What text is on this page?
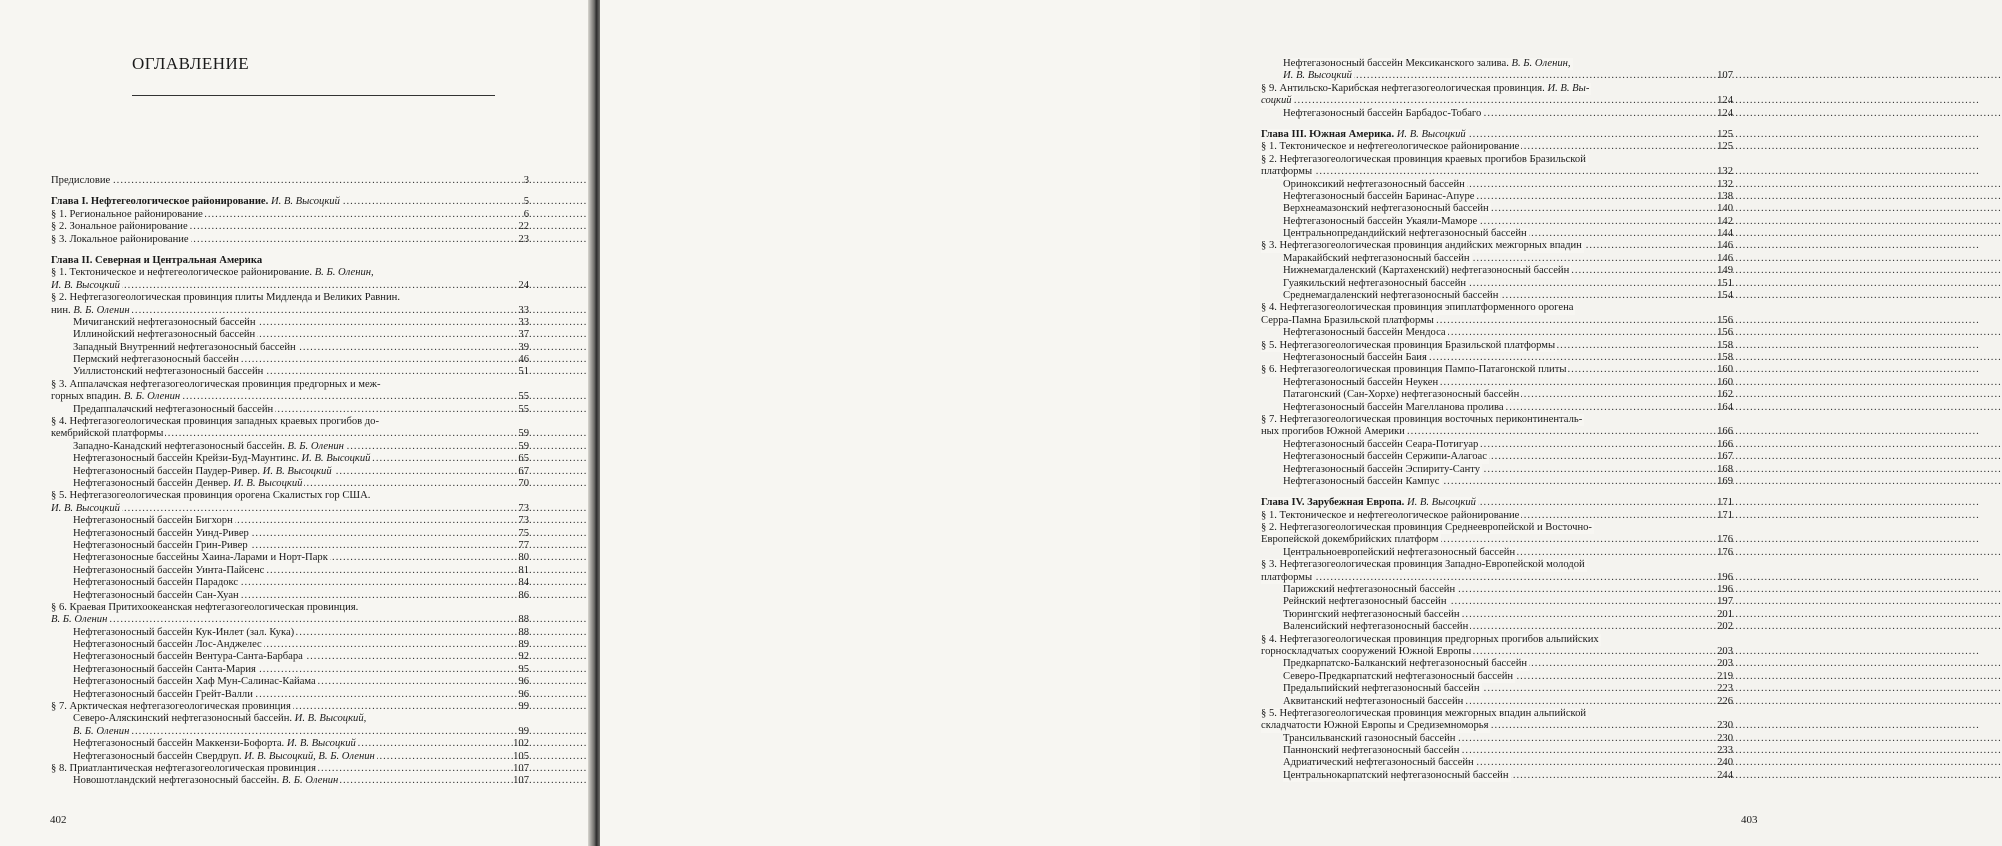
ОГЛАВЛЕНИЕ
.....
Предисловие	3
.....
Глава I. Нефтегеологическое районирование. И. В. Высоцкий	5
.....
§ 1. Региональное районирование	6
.....
§ 2. Зональное районирование	22
.....
§ 3. Локальное районирование	23
Глава II. Северная и Центральная Америка
§ 1. Тектоническое и нефтегеологическое районирование. В. Б. Оленин,
.....
И. В. Высоцкий	24
§ 2. Нефтегазогеологическая провинция плиты Мидленда и Великих Равнин.
.....
нин. В. Б. Оленин	33
.....
Мичиганский нефтегазоносный бассейн	33
.....
Иллинойский нефтегазоносный бассейн	37
.....
Западный Внутренний нефтегазоносный бассейн	39
.....
Пермский нефтегазоносный бассейн	46
.....
Уиллистонский нефтегазоносный бассейн	51
§ 3. Аппалачская нефтегазогеологическая провинция предгорных и меж-
.....
горных впадин. В. Б. Оленин	55
.....
Предаппалачский нефтегазоносный бассейн	55
§ 4. Нефтегазогеологическая провинция западных краевых прогибов до-
.....
кембрийской платформы	59
.....
Западно-Канадский нефтегазоносный бассейн. В. Б. Оленин	59
.....
Нефтегазоносный бассейн Крейзи-Буд-Маунтинс. И. В. Высоцкий	65
.....
Нефтегазоносный бассейн Паудер-Ривер. И. В. Высоцкий	67
.....
Нефтегазоносный бассейн Денвер. И. В. Высоцкий	70
§ 5. Нефтегазогеологическая провинция орогена Скалистых гор США.
.....
И. В. Высоцкий	73
.....
Нефтегазоносный бассейн Бигхорн	73
.....
Нефтегазоносный бассейн Уинд-Ривер	75
.....
Нефтегазоносный бассейн Грин-Ривер	77
.....
Нефтегазоносные бассейны Хаина-Ларами и Норт-Парк	80
.....
Нефтегазоносный бассейн Уинта-Пайсенс	81
.....
Нефтегазоносный бассейн Парадокс	84
.....
Нефтегазоносный бассейн Сан-Хуан	86
§ 6. Краевая Притихоокеанская нефтегазогеологическая провинция.
.....
В. Б. Оленин	88
.....
Нефтегазоносный бассейн Кук-Инлет (зал. Кука)	88
.....
Нефтегазоносный бассейн Лос-Анджелес	89
.....
Нефтегазоносный бассейн Вентура-Санта-Барбара	92
.....
Нефтегазоносный бассейн Санта-Мария	95
.....
Нефтегазоносный бассейн Хаф Мун-Салинас-Кайама	96
.....
Нефтегазоносный бассейн Грейт-Валли	96
.....
§ 7. Арктическая нефтегазогеологическая провинция	99
Северо-Аляскинский нефтегазоносный бассейн. И. В. Высоцкий,
.....
В. Б. Оленин	99
.....
Нефтегазоносный бассейн Маккензи-Бофорта. И. В. Высоцкий	102
.....
Нефтегазоносный бассейн Свердруп. И. В. Высоцкий, В. Б. Оленин	105
.....
§ 8. Приатлантическая нефтегазогеологическая провинция	107
.....
Новошотландский нефтегазоносный бассейн. В. Б. Оленин	107
402
Нефтегазоносный бассейн Мексиканского залива. В. Б. Оленин,
.....
И. В. Высоцкий	107
§ 9. Антильско-Карибская нефтегазогеологическая провинция. И. В. Вы-
.....
соцкий	124
.....
Нефтегазоносный бассейн Барбадос-Тобаго	124
.....
Глава III. Южная Америка. И. В. Высоцкий	125
.....
§ 1. Тектоническое и нефтегеологическое районирование	125
§ 2. Нефтегазогеологическая провинция краевых прогибов Бразильской
.....
платформы	132
.....
Ориноксикий нефтегазоносный бассейн	132
.....
Нефтегазоносный бассейн Баринас-Апуре	138
.....
Верхнеамазонский нефтегазоносный бассейн	140
.....
Нефтегазоносный бассейн Укаяли-Маморе	142
.....
Центральнопредандийский нефтегазоносный бассейн	144
.....
§ 3. Нефтегазогеологическая провинция андийских межгорных впадин	146
.....
Маракайбский нефтегазоносный бассейн	146
.....
Нижнемагдаленский (Картахенский) нефтегазоносный бассейн	149
.....
Гуаякильский нефтегазоносный бассейн	151
.....
Среднемагдаленский нефтегазоносный бассейн	154
§ 4. Нефтегазогеологическая провинция эпиплатформенного орогена
.....
Серра-Памна Бразильской платформы	156
.....
Нефтегазоносный бассейн Мендоса	156
.....
§ 5. Нефтегазогеологическая провинция Бразильской платформы	158
.....
Нефтегазоносный бассейн Баия	158
.....
§ 6. Нефтегазогеологическая провинция Пампо-Патагонской плиты	160
.....
Нефтегазоносный бассейн Неукен	160
.....
Патагонский (Сан-Хорхе) нефтегазоносный бассейн	162
.....
Нефтегазоносный бассейн Магелланова пролива	164
§ 7. Нефтегазогеологическая провинция восточных периконтиненталь-
.....
ных прогибов Южной Америки	166
.....
Нефтегазоносный бассейн Сеара-Потигуар	166
.....
Нефтегазоносный бассейн Сержипи-Алагоас	167
.....
Нефтегазоносный бассейн Эспириту-Санту	168
.....
Нефтегазоносный бассейн Кампус	169
.....
Глава IV. Зарубежная Европа. И. В. Высоцкий	171
.....
§ 1. Тектоническое и нефтегеологическое районирование	171
§ 2. Нефтегазогеологическая провинция Среднеевропейской и Восточно-
.....
Европейской докембрийских платформ	176
.....
Центральноевропейский нефтегазоносный бассейн	176
§ 3. Нефтегазогеологическая провинция Западно-Европейской молодой
.....
платформы	196
.....
Парижский нефтегазоносный бассейн	196
.....
Рейнский нефтегазоносный бассейн	197
.....
Тюрингский нефтегазоносный бассейн	201
.....
Валенсийский нефтегазоносный бассейн	202
§ 4. Нефтегазогеологическая провинция предгорных прогибов альпийских
.....
горноскладчатых сооружений Южной Европы	203
.....
Предкарпатско-Балканский нефтегазоносный бассейн	203
.....
Северо-Предкарпатский нефтегазоносный бассейн	219
.....
Предальпийский нефтегазоносный бассейн	223
.....
Аквитанский нефтегазоносный бассейн	226
§ 5. Нефтегазогеологическая провинция межгорных впадин альпийской
.....
складчатости Южной Европы и Средиземноморья	230
.....
Трансильванский газоносный бассейн	230
.....
Паннонский нефтегазоносный бассейн	233
.....
Адриатический нефтегазоносный бассейн	240
.....
Центральнокарпатский нефтегазоносный бассейн	244
403
